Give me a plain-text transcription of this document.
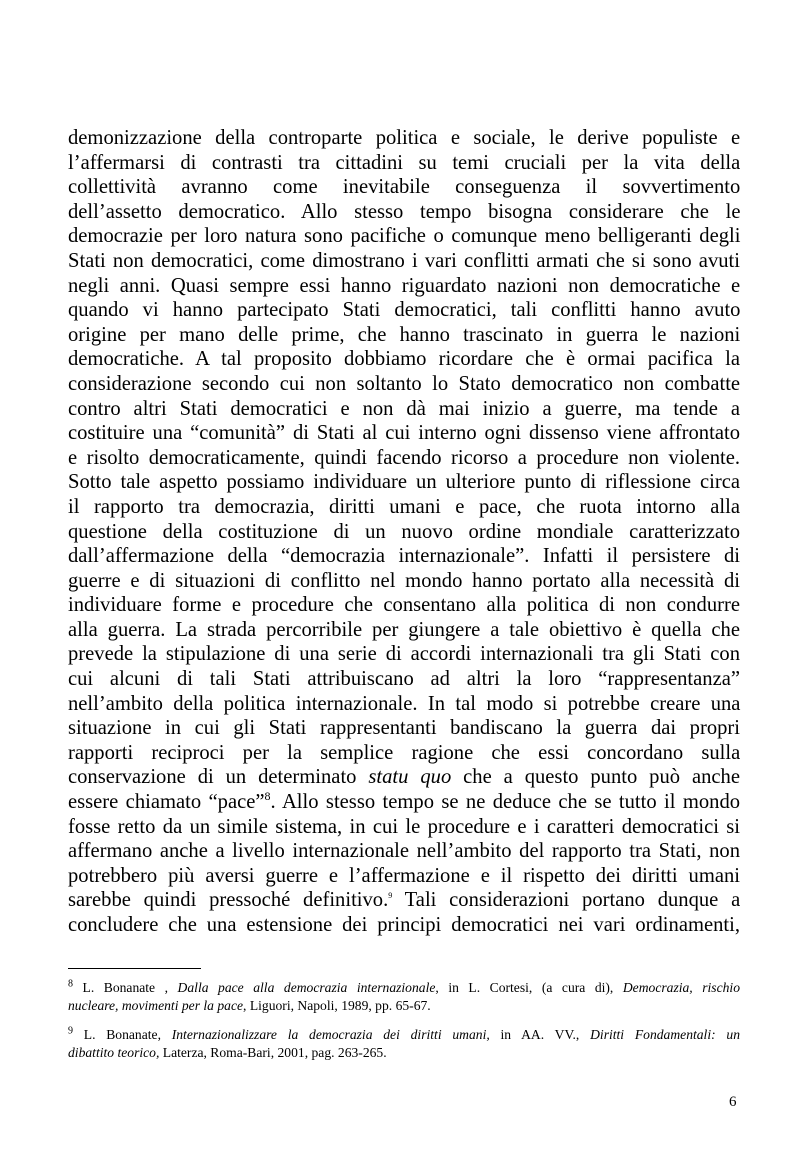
demonizzazione della controparte politica e sociale, le derive populiste e
l’affermarsi di contrasti tra cittadini su temi cruciali per la vita della
collettività avranno come inevitabile conseguenza il sovvertimento
dell’assetto democratico. Allo stesso tempo bisogna considerare che le
democrazie per loro natura sono pacifiche o comunque meno belligeranti degli
Stati non democratici, come dimostrano i vari conflitti armati che si sono avuti
negli anni. Quasi sempre essi hanno riguardato nazioni non democratiche e
quando vi hanno partecipato Stati democratici, tali conflitti hanno avuto
origine per mano delle prime, che hanno trascinato in guerra le nazioni
democratiche. A tal proposito dobbiamo ricordare che è ormai pacifica la
considerazione secondo cui non soltanto lo Stato democratico non combatte
contro altri Stati democratici e non dà mai inizio a guerre, ma tende a
costituire una “comunità” di Stati al cui interno ogni dissenso viene affrontato
e risolto democraticamente, quindi facendo ricorso a procedure non violente.
Sotto tale aspetto possiamo individuare un ulteriore punto di riflessione circa
il rapporto tra democrazia, diritti umani e pace, che ruota intorno alla
questione della costituzione di un nuovo ordine mondiale caratterizzato
dall’affermazione della “democrazia internazionale”. Infatti il persistere di
guerre e di situazioni di conflitto nel mondo hanno portato alla necessità di
individuare forme e procedure che consentano alla politica di non condurre
alla guerra. La strada percorribile per giungere a tale obiettivo è quella che
prevede la stipulazione di una serie di accordi internazionali tra gli Stati con
cui alcuni di tali Stati attribuiscano ad altri la loro “rappresentanza”
nell’ambito della politica internazionale. In tal modo si potrebbe creare una
situazione in cui gli Stati rappresentanti bandiscano la guerra dai propri
rapporti reciproci per la semplice ragione che essi concordano sulla
conservazione di un determinato statu quo che a questo punto può anche
essere chiamato “pace”$^8$. Allo stesso tempo se ne deduce che se tutto il mondo
fosse retto da un simile sistema, in cui le procedure e i caratteri democratici si
affermano anche a livello internazionale nell’ambito del rapporto tra Stati, non
potrebbero più aversi guerre e l’affermazione e il rispetto dei diritti umani
sarebbe quindi pressoché definitivo.$^9$ Tali considerazioni portano dunque a
concludere che una estensione dei principi democratici nei vari ordinamenti,
$^8$ L. Bonanate , Dalla pace alla democrazia internazionale, in L. Cortesi, (a cura di), Democrazia, rischio
nucleare, movimenti per la pace, Liguori, Napoli, 1989, pp. 65-67.
$^9$ L. Bonanate, Internazionalizzare la democrazia dei diritti umani, in AA. VV., Diritti Fondamentali: un
dibattito teorico, Laterza, Roma-Bari, 2001, pag. 263-265.
6
